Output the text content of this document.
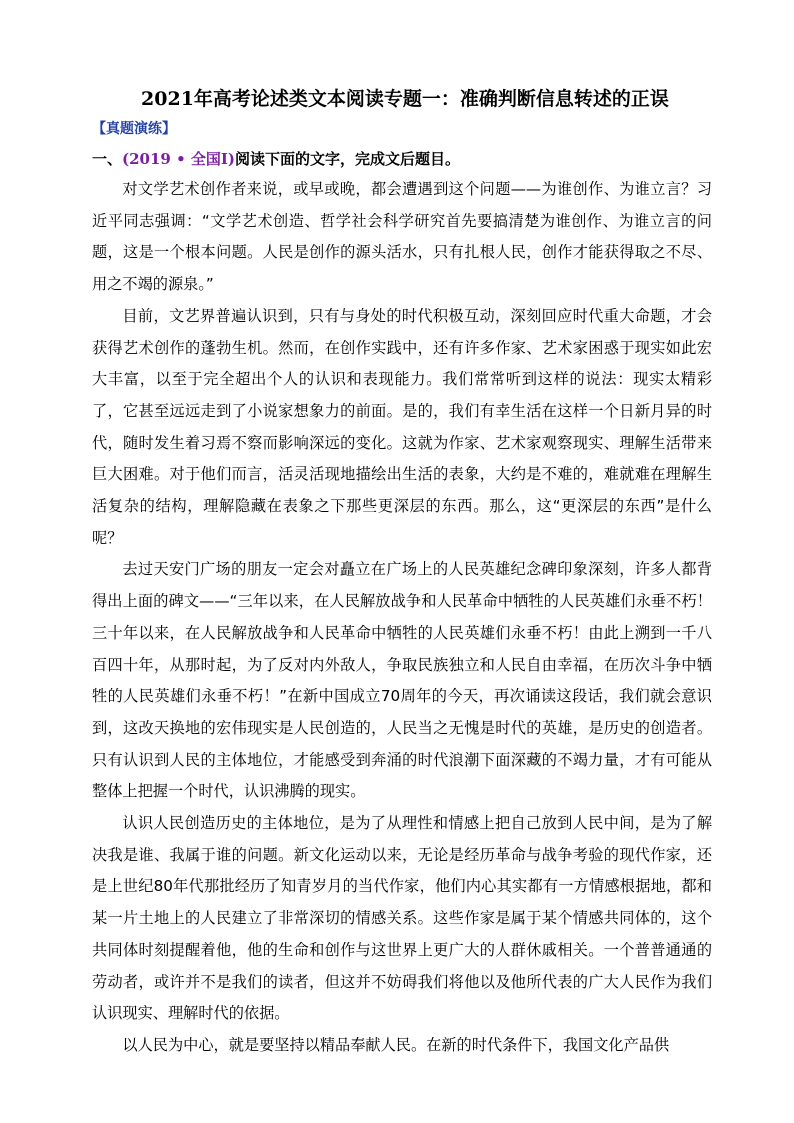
2021年高考论述类文本阅读专题一：准确判断信息转述的正误
【真题演练】
一、(2019 • 全国Ⅰ)阅读下面的文字，完成文后题目。

对文学艺术创作者来说，或早或晚，都会遭遇到这个问题——为谁创作、为谁立言？习近平同志强调：“文学艺术创造、哲学社会科学研究首先要搞清楚为谁创作、为谁立言的问题，这是一个根本问题。人民是创作的源头活水，只有扎根人民，创作才能获得取之不尽、用之不竭的源泉。”

目前，文艺界普遍认识到，只有与身处的时代积极互动，深刻回应时代重大命题，才会获得艺术创作的蓬勃生机。然而，在创作实践中，还有许多作家、艺术家困惑于现实如此宏大丰富，以至于完全超出个人的认识和表现能力。我们常常听到这样的说法：现实太精彩了，它甚至远远走到了小说家想象力的前面。是的，我们有幸生活在这样一个日新月异的时代，随时发生着习焉不察而影响深远的变化。这就为作家、艺术家观察现实、理解生活带来巨大困难。对于他们而言，活灵活现地描绘出生活的表象，大约是不难的，难就难在理解生活复杂的结构，理解隐藏在表象之下那些更深层的东西。那么，这“更深层的东西”是什么呢？

去过天安门广场的朋友一定会对矗立在广场上的人民英雄纪念碑印象深刻，许多人都背得出上面的碑文——“三年以来，在人民解放战争和人民革命中牺牲的人民英雄们永垂不朽！三十年以来，在人民解放战争和人民革命中牺牲的人民英雄们永垂不朽！由此上溯到一千八百四十年，从那时起，为了反对内外敌人，争取民族独立和人民自由幸福，在历次斗争中牺牲的人民英雄们永垂不朽！”在新中国成立70周年的今天，再次诵读这段话，我们就会意识到，这改天换地的宏伟现实是人民创造的，人民当之无愧是时代的英雄，是历史的创造者。只有认识到人民的主体地位，才能感受到奔涌的时代浪潮下面深藏的不竭力量，才有可能从整体上把握一个时代，认识沸腾的现实。

认识人民创造历史的主体地位，是为了从理性和情感上把自己放到人民中间，是为了解决我是谁、我属于谁的问题。新文化运动以来，无论是经历革命与战争考验的现代作家，还是上世纪80年代那批经历了知青岁月的当代作家，他们内心其实都有一方情感根据地，都和某一片土地上的人民建立了非常深切的情感关系。这些作家是属于某个情感共同体的，这个共同体时刻提醒着他，他的生命和创作与这世界上更广大的人群休戚相关。一个普普通通的劳动者，或许并不是我们的读者，但这并不妨碍我们将他以及他所代表的广大人民作为我们认识现实、理解时代的依据。

以人民为中心，就是要坚持以精品奉献人民。在新的时代条件下，我国文化产品供
